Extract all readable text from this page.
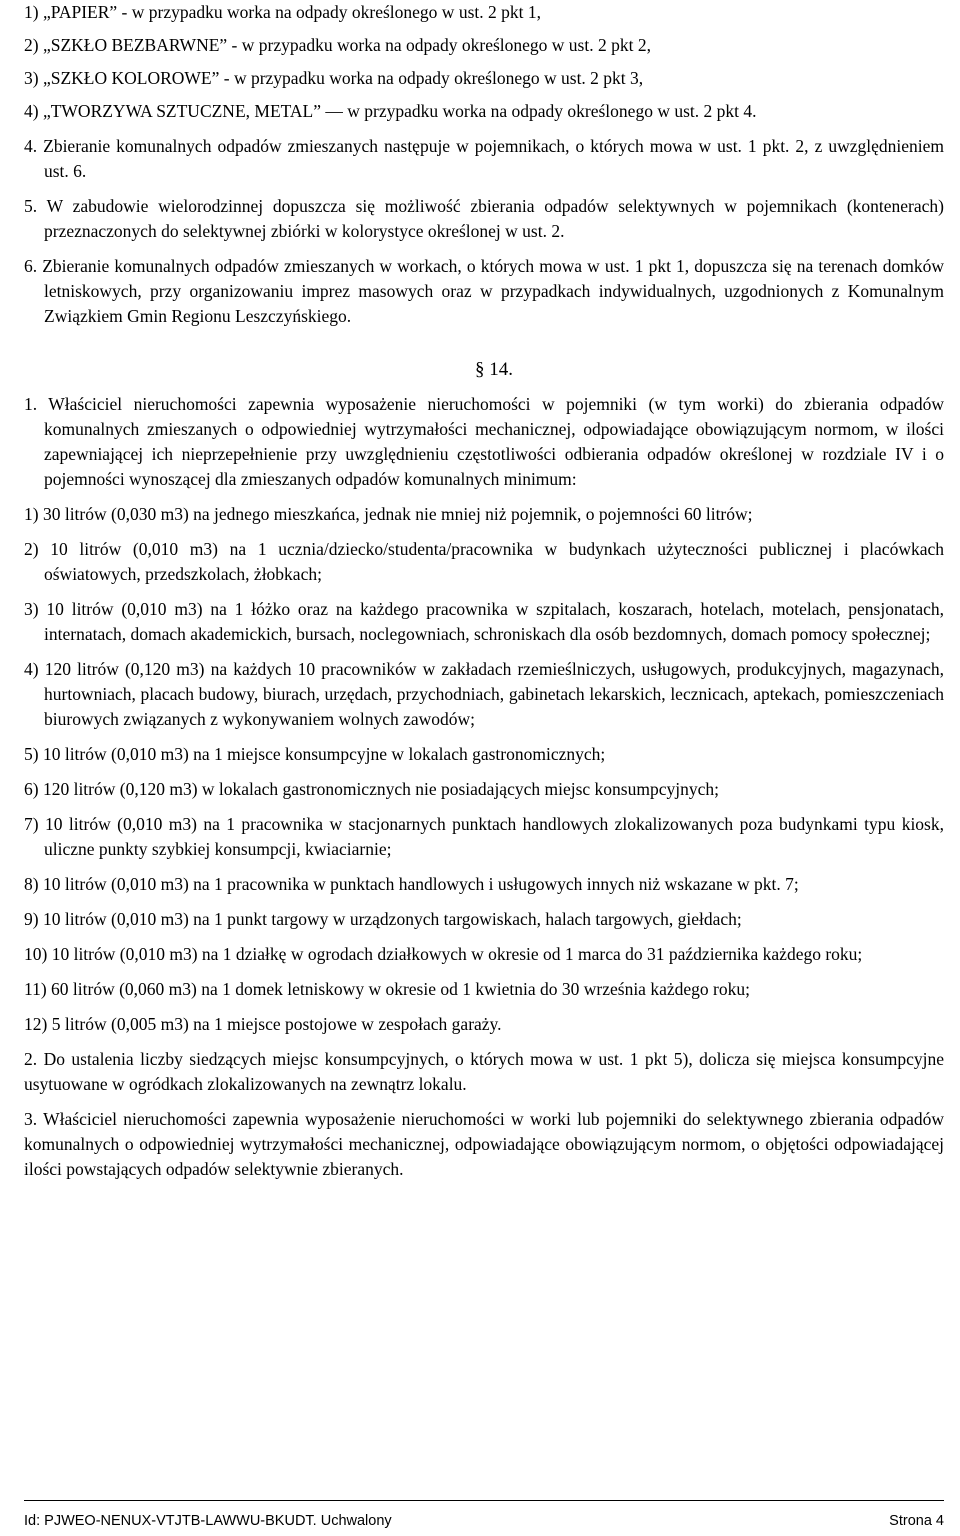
1) „PAPIER” - w przypadku worka na odpady określonego w ust. 2 pkt 1,
2) „SZKŁO BEZBARWNE” - w przypadku worka na odpady określonego w ust. 2 pkt 2,
3) „SZKŁO KOLOROWE” - w przypadku worka na odpady określonego w ust. 2 pkt 3,
4) „TWORZYWA SZTUCZNE, METAL” — w przypadku worka na odpady określonego w ust. 2 pkt 4.
4. Zbieranie komunalnych odpadów zmieszanych następuje w pojemnikach, o których mowa w ust. 1 pkt. 2, z uwzględnieniem ust. 6.
5. W zabudowie wielorodzinnej dopuszcza się możliwość zbierania odpadów selektywnych w pojemnikach (kontenerach) przeznaczonych do selektywnej zbiórki w kolorystyce określonej w ust. 2.
6. Zbieranie komunalnych odpadów zmieszanych w workach, o których mowa w ust. 1 pkt 1, dopuszcza się na terenach domków letniskowych, przy organizowaniu imprez masowych oraz w przypadkach indywidualnych, uzgodnionych z Komunalnym Związkiem Gmin Regionu Leszczyńskiego.
§ 14.
1. Właściciel nieruchomości zapewnia wyposażenie nieruchomości w pojemniki (w tym worki) do zbierania odpadów komunalnych zmieszanych o odpowiedniej wytrzymałości mechanicznej, odpowiadające obowiązującym normom, w ilości zapewniającej ich nieprzepełnienie przy uwzględnieniu częstotliwości odbierania odpadów określonej w rozdziale IV i o pojemności wynoszącej dla zmieszanych odpadów komunalnych minimum:
1) 30 litrów (0,030 m3) na jednego mieszkańca, jednak nie mniej niż pojemnik, o pojemności 60 litrów;
2) 10 litrów (0,010 m3) na 1 ucznia/dziecko/studenta/pracownika w budynkach użyteczności publicznej i placówkach oświatowych, przedszkolach, żłobkach;
3) 10 litrów (0,010 m3) na 1 łóżko oraz na każdego pracownika w szpitalach, koszarach, hotelach, motelach, pensjonatach, internatach, domach akademickich, bursach, noclegowniach, schroniskach dla osób bezdomnych, domach pomocy społecznej;
4) 120 litrów (0,120 m3) na każdych 10 pracowników w zakładach rzemieślniczych, usługowych, produkcyjnych, magazynach, hurtowniach, placach budowy, biurach, urzędach, przychodniach, gabinetach lekarskich, lecznicach, aptekach, pomieszczeniach biurowych związanych z wykonywaniem wolnych zawodów;
5) 10 litrów (0,010 m3) na 1 miejsce konsumpcyjne w lokalach gastronomicznych;
6) 120 litrów (0,120 m3) w lokalach gastronomicznych nie posiadających miejsc konsumpcyjnych;
7) 10 litrów (0,010 m3) na 1 pracownika w stacjonarnych punktach handlowych zlokalizowanych poza budynkami typu kiosk, uliczne punkty szybkiej konsumpcji, kwiaciarnie;
8) 10 litrów (0,010 m3) na 1 pracownika w punktach handlowych i usługowych innych niż wskazane w pkt. 7;
9) 10 litrów (0,010 m3) na 1 punkt targowy w urządzonych targowiskach, halach targowych, giełdach;
10) 10 litrów (0,010 m3) na 1 działkę w ogrodach działkowych w okresie od 1 marca do 31 października każdego roku;
11) 60 litrów (0,060 m3) na 1 domek letniskowy w okresie od 1 kwietnia do 30 września każdego roku;
12) 5 litrów (0,005 m3) na 1 miejsce postojowe w zespołach garaży.
2. Do ustalenia liczby siedzących miejsc konsumpcyjnych, o których mowa w ust. 1 pkt 5), dolicza się miejsca konsumpcyjne usytuowane w ogródkach zlokalizowanych na zewnątrz lokalu.
3. Właściciel nieruchomości zapewnia wyposażenie nieruchomości w worki lub pojemniki do selektywnego zbierania odpadów komunalnych o odpowiedniej wytrzymałości mechanicznej, odpowiadające obowiązującym normom, o objętości odpowiadającej ilości powstających odpadów selektywnie zbieranych.
Id: PJWEO-NENUX-VTJTB-LAWWU-BKUDT. Uchwalony	Strona 4
